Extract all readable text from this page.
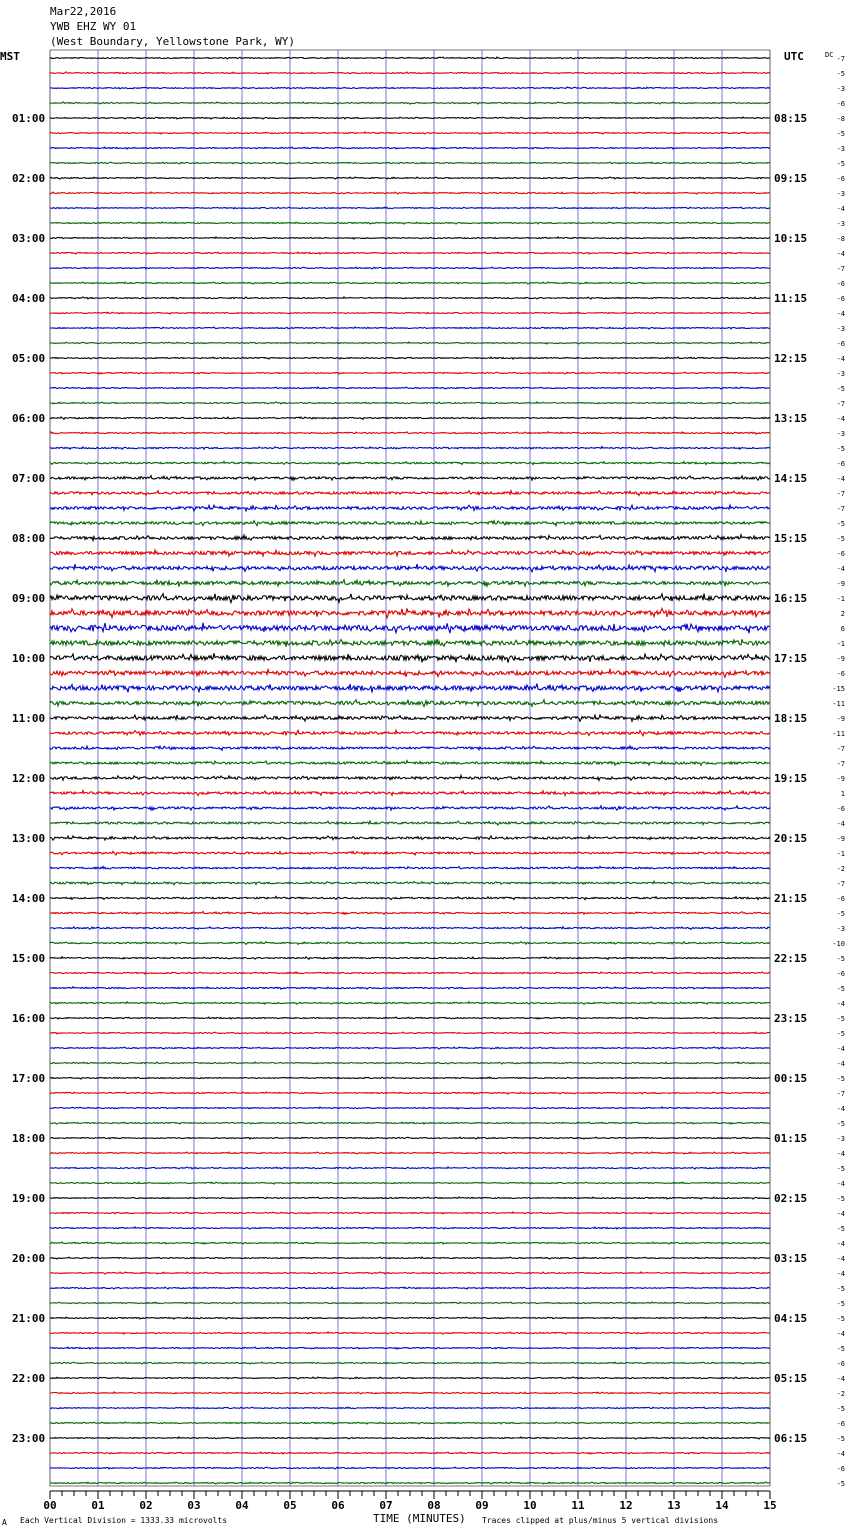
Mar22,2016
YWB EHZ WY 01
(West Boundary, Yellowstone Park, WY)
MST	UTC
01:00
02:00
03:00
04:00
05:00
06:00
07:00
08:00
09:00
10:00
11:00
12:00
13:00
14:00
15:00
16:00
17:00
18:00
19:00
20:00
21:00
22:00
23:00
08:15
09:15
10:15
11:15
12:15
13:15
14:15
15:15
16:15
17:15
18:15
19:15
20:15
21:15
22:15
23:15
00:15
01:15
02:15
03:15
04:15
05:15
06:15
-7
-5
-3
-6
-8
-5
-3
-5
-6
-3
-4
-3
-8
-4
-7
-6
-6
-4
-3
-6
-4
-3
-5
-7
-4
-3
-5
-6
-4
-7
-7
-5
-5
-6
-4
-9
-1
2
6
-1
-9
-6
-15
-11
-9
-11
-7
-7
-9
1
-6
-4
-9
-1
-2
-7
-6
-5
-3
-10
-5
-6
-5
-4
-5
-5
-4
-4
-5
-7
-4
-5
-3
-4
-5
-4
-5
-4
-5
-4
-4
-4
-5
-5
-5
-4
-5
-6
-4
-2
-5
-6
-5
-4
-6
-5
00	01	02	03	04	05	06	07	08	09	10	11	12	13	14	15
DC
A Each Vertical Division = 1333.33 microvolts	TIME (MINUTES) Traces clipped at plus/minus 5 vertical divisions
